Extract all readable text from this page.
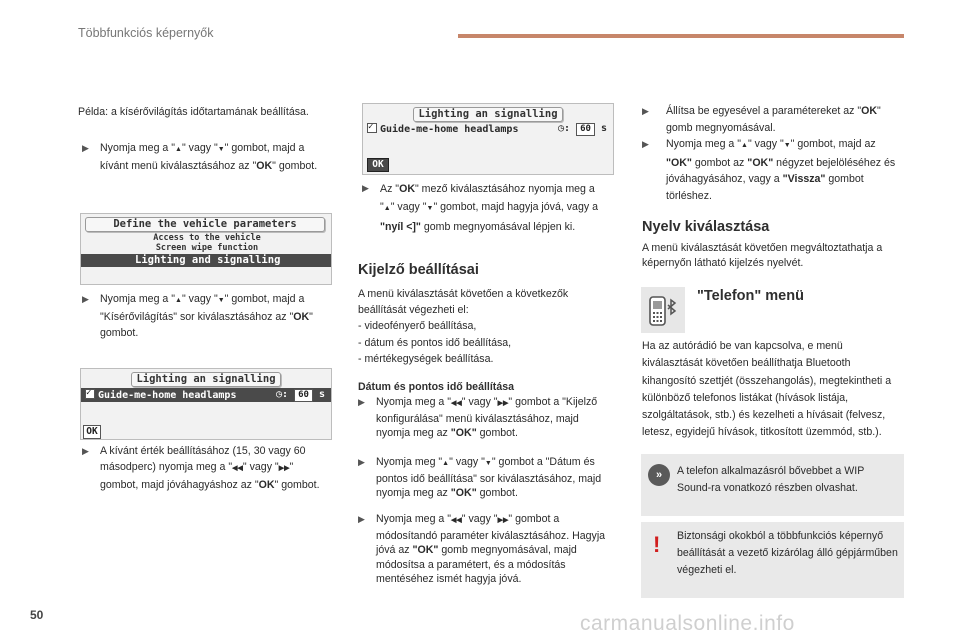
Többfunkciós képernyők
Példa: a kísérővilágítás időtartamának beállítása.
▶ Nyomja meg a "▲" vagy "▼" gombot, majd a kívánt menü kiválasztásához az "OK" gombot.
Define the vehicle parameters
Access to the vehicle
Screen wipe function
Lighting and signalling
▶ Nyomja meg a "▲" vagy "▼" gombot, majd a "Kísérővilágítás" sor kiválasztásához az "OK" gombot.
Lighting an signalling
✓Guide-me-home headlamps	◷: 60 s
OK
▶ A kívánt érték beállításához (15, 30 vagy 60 másodperc) nyomja meg a "◀◀" vagy "▶▶" gombot, majd jóváhagyáshoz az "OK" gombot.
Lighting an signalling
✓Guide-me-home headlamps	◷: 60 s
OK
▶ Az "OK" mező kiválasztásához nyomja meg a "▲" vagy "▼" gombot, majd hagyja jóvá, vagy a "nyíl <]" gomb megnyomásával lépjen ki.
Kijelző beállításai
A menü kiválasztását követően a következők beállítását végezheti el:
- videofényerő beállítása,
- dátum és pontos idő beállítása,
- mértékegységek beállítása.
Dátum és pontos idő beállítása
▶ Nyomja meg a "◀◀" vagy "▶▶" gombot a "Kijelző konfigurálása" menü kiválasztásához, majd nyomja meg az "OK" gombot.
▶ Nyomja meg "▲" vagy "▼" gombot a "Dátum és pontos idő beállítása" sor kiválasztásához, majd nyomja meg az "OK" gombot.
▶ Nyomja meg a "◀◀" vagy "▶▶" gombot a módosítandó paraméter kiválasztásához. Hagyja jóvá az "OK" gomb megnyomásával, majd módosítsa a paramétert, és a módosítás mentéséhez ismét hagyja jóvá.
▶ Állítsa be egyesével a paramétereket az "OK" gomb megnyomásával.
▶ Nyomja meg a "▲" vagy "▼" gombot, majd az "OK" gombot az "OK" négyzet bejelöléséhez és jóváhagyásához, vagy a "Vissza" gombot törléshez.
Nyelv kiválasztása
A menü kiválasztását követően megváltoztathatja a képernyőn látható kijelzés nyelvét.
"Telefon" menü
Ha az autórádió be van kapcsolva, e menü kiválasztását követően beállíthatja Bluetooth kihangosító szettjét (összehangolás), megtekintheti a különböző telefonos listákat (hívások listája, szolgáltatások, stb.) és kezelheti a hívásait (felvesz, letesz, egyidejű hívások, titkosított üzemmód, stb.).
»	A telefon alkalmazásról bővebbet a WIP Sound-ra vonatkozó részben olvashat.
! Biztonsági okokból a többfunkciós képernyő beállítását a vezető kizárólag álló gépjárműben végezheti el.
50	carmanualsonline.info
